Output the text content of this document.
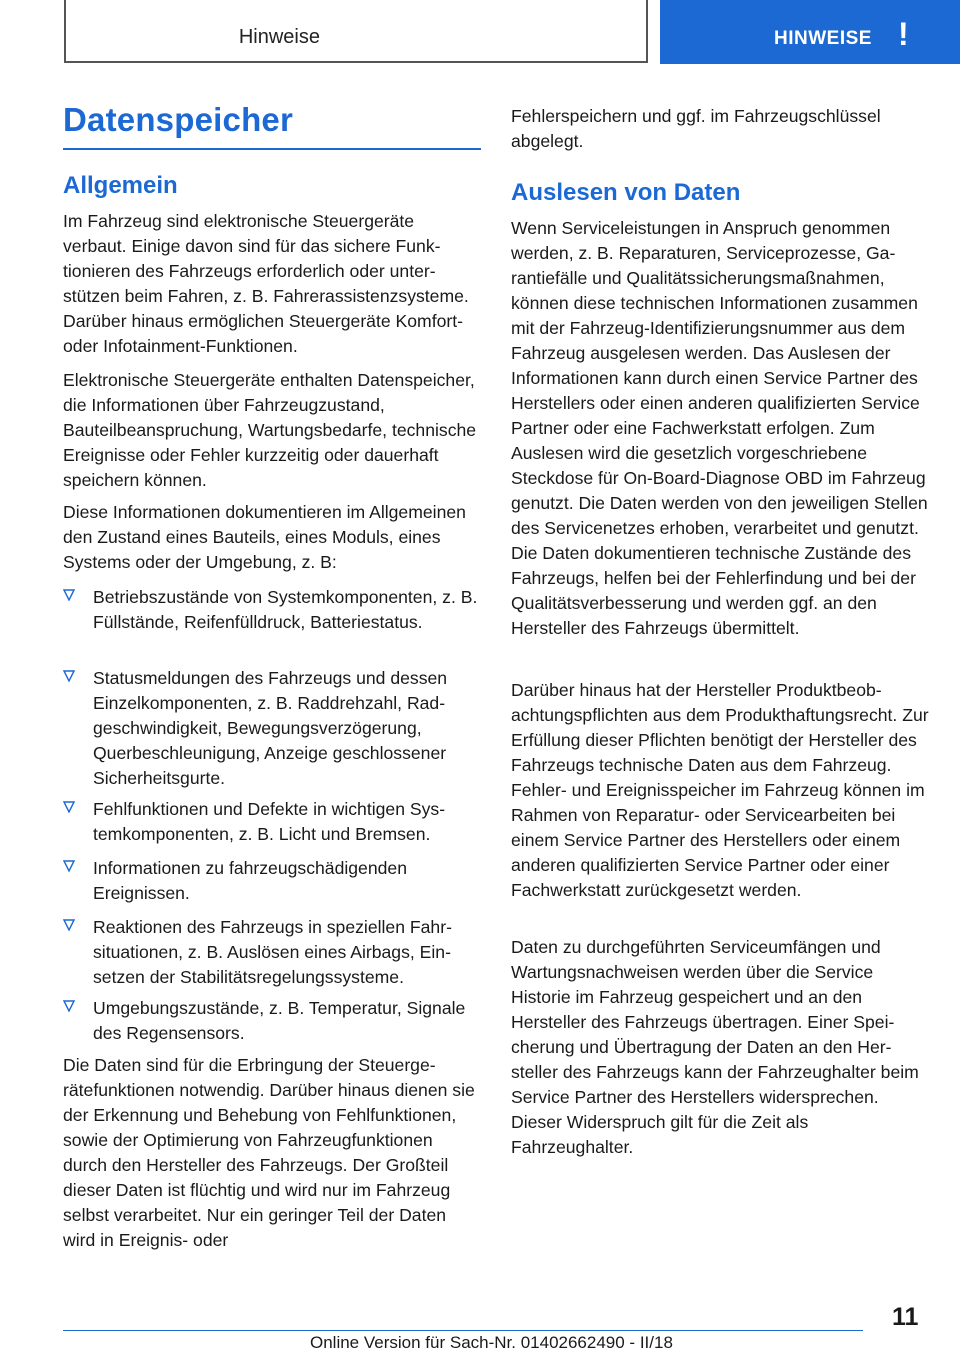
Hinweise	HINWEISE !
Datenspeicher
Allgemein

Im Fahrzeug sind elektronische Steuergeräte verbaut. Einige davon sind für das sichere Funktionieren des Fahrzeugs erforderlich oder unterstützen beim Fahren, z. B. Fahrerassistenzsysteme. Darüber hinaus ermöglichen Steuergeräte Komfort- oder Infotainment-Funktionen.

Elektronische Steuergeräte enthalten Datenspeicher, die Informationen über Fahrzeugzustand, Bauteilbeanspruchung, Wartungsbedarfe, technische Ereignisse oder Fehler kurzzeitig oder dauerhaft speichern können.

Diese Informationen dokumentieren im Allgemeinen den Zustand eines Bauteils, eines Moduls, eines Systems oder der Umgebung, z. B:

Betriebszustände von Systemkomponenten, z. B. Füllstände, Reifenfülldruck, Batteriestatus.
Statusmeldungen des Fahrzeugs und dessen Einzelkomponenten, z. B. Raddrehzahl, Radgeschwindigkeit, Bewegungsverzögerung, Querbeschleunigung, Anzeige geschlossener Sicherheitsgurte.
Fehlfunktionen und Defekte in wichtigen Systemkomponenten, z. B. Licht und Bremsen.
Informationen zu fahrzeugschädigenden Ereignissen.
Reaktionen des Fahrzeugs in speziellen Fahrsituationen, z. B. Auslösen eines Airbags, Einsetzen der Stabilitätsregelungssysteme.
Umgebungszustände, z. B. Temperatur, Signale des Regensensors.

Die Daten sind für die Erbringung der Steuergerätefunktionen notwendig. Darüber hinaus dienen sie der Erkennung und Behebung von Fehlfunktionen, sowie der Optimierung von Fahrzeugfunktionen durch den Hersteller des Fahrzeugs. Der Großteil dieser Daten ist flüchtig und wird nur im Fahrzeug selbst verarbeitet. Nur ein geringer Teil der Daten wird in Ereignis- oder

Fehlerspeichern und ggf. im Fahrzeugschlüssel abgelegt.

Auslesen von Daten

Wenn Serviceleistungen in Anspruch genommen werden, z. B. Reparaturen, Serviceprozesse, Garantiefälle und Qualitätssicherungsmaßnahmen, können diese technischen Informationen zusammen mit der Fahrzeug-Identifizierungsnummer aus dem Fahrzeug ausgelesen werden. Das Auslesen der Informationen kann durch einen Service Partner des Herstellers oder einen anderen qualifizierten Service Partner oder eine Fachwerkstatt erfolgen. Zum Auslesen wird die gesetzlich vorgeschriebene Steckdose für On-Board-Diagnose OBD im Fahrzeug genutzt. Die Daten werden von den jeweiligen Stellen des Servicenetzes erhoben, verarbeitet und genutzt. Die Daten dokumentieren technische Zustände des Fahrzeugs, helfen bei der Fehlerfindung und bei der Qualitätsverbesserung und werden ggf. an den Hersteller des Fahrzeugs übermittelt.

Darüber hinaus hat der Hersteller Produktbeobachtungspflichten aus dem Produkthaftungsrecht. Zur Erfüllung dieser Pflichten benötigt der Hersteller des Fahrzeugs technische Daten aus dem Fahrzeug. Fehler- und Ereignisspeicher im Fahrzeug können im Rahmen von Reparatur- oder Servicearbeiten bei einem Service Partner des Herstellers oder einem anderen qualifizierten Service Partner oder einer Fachwerkstatt zurückgesetzt werden.

Daten zu durchgeführten Serviceumfängen und Wartungsnachweisen werden über die Service Historie im Fahrzeug gespeichert und an den Hersteller des Fahrzeugs übertragen. Einer Speicherung und Übertragung der Daten an den Hersteller des Fahrzeugs kann der Fahrzeughalter beim Service Partner des Herstellers widersprechen. Dieser Widerspruch gilt für die Zeit als Fahrzeughalter.

11
Online Version für Sach-Nr. 01402662490 - II/18
